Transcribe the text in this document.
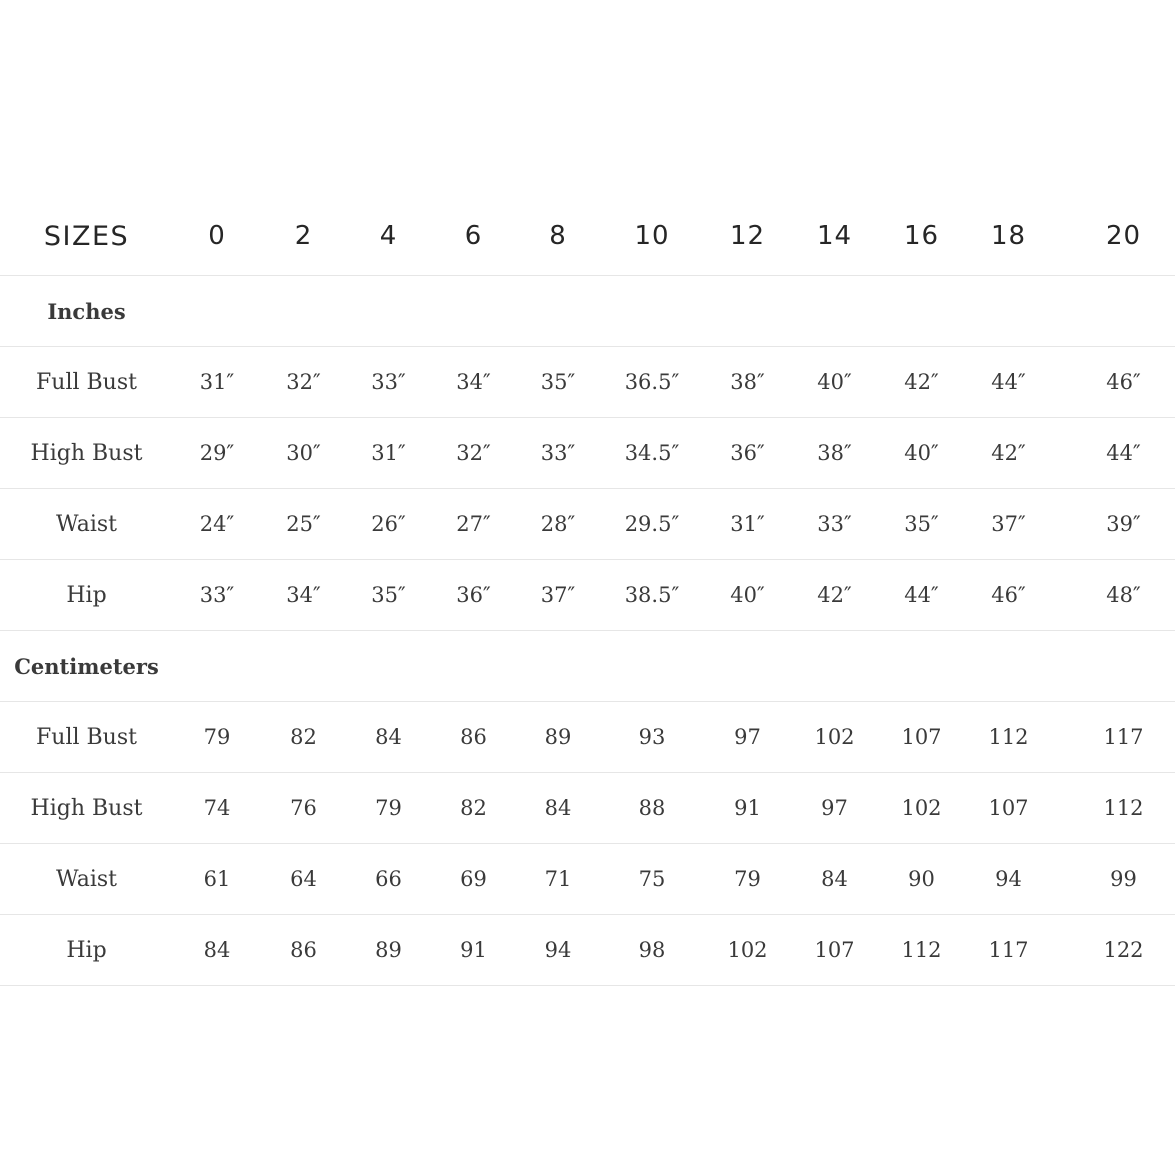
SIZES	0	2	4	6	8	10	12	14	16	18	20
Inches											
Full Bust	31″	32″	33″	34″	35″	36.5″	38″	40″	42″	44″	46″
High Bust	29″	30″	31″	32″	33″	34.5″	36″	38″	40″	42″	44″
Waist	24″	25″	26″	27″	28″	29.5″	31″	33″	35″	37″	39″
Hip	33″	34″	35″	36″	37″	38.5″	40″	42″	44″	46″	48″
Centimeters											
Full Bust	79	82	84	86	89	93	97	102	107	112	117
High Bust	74	76	79	82	84	88	91	97	102	107	112
Waist	61	64	66	69	71	75	79	84	90	94	99
Hip	84	86	89	91	94	98	102	107	112	117	122
